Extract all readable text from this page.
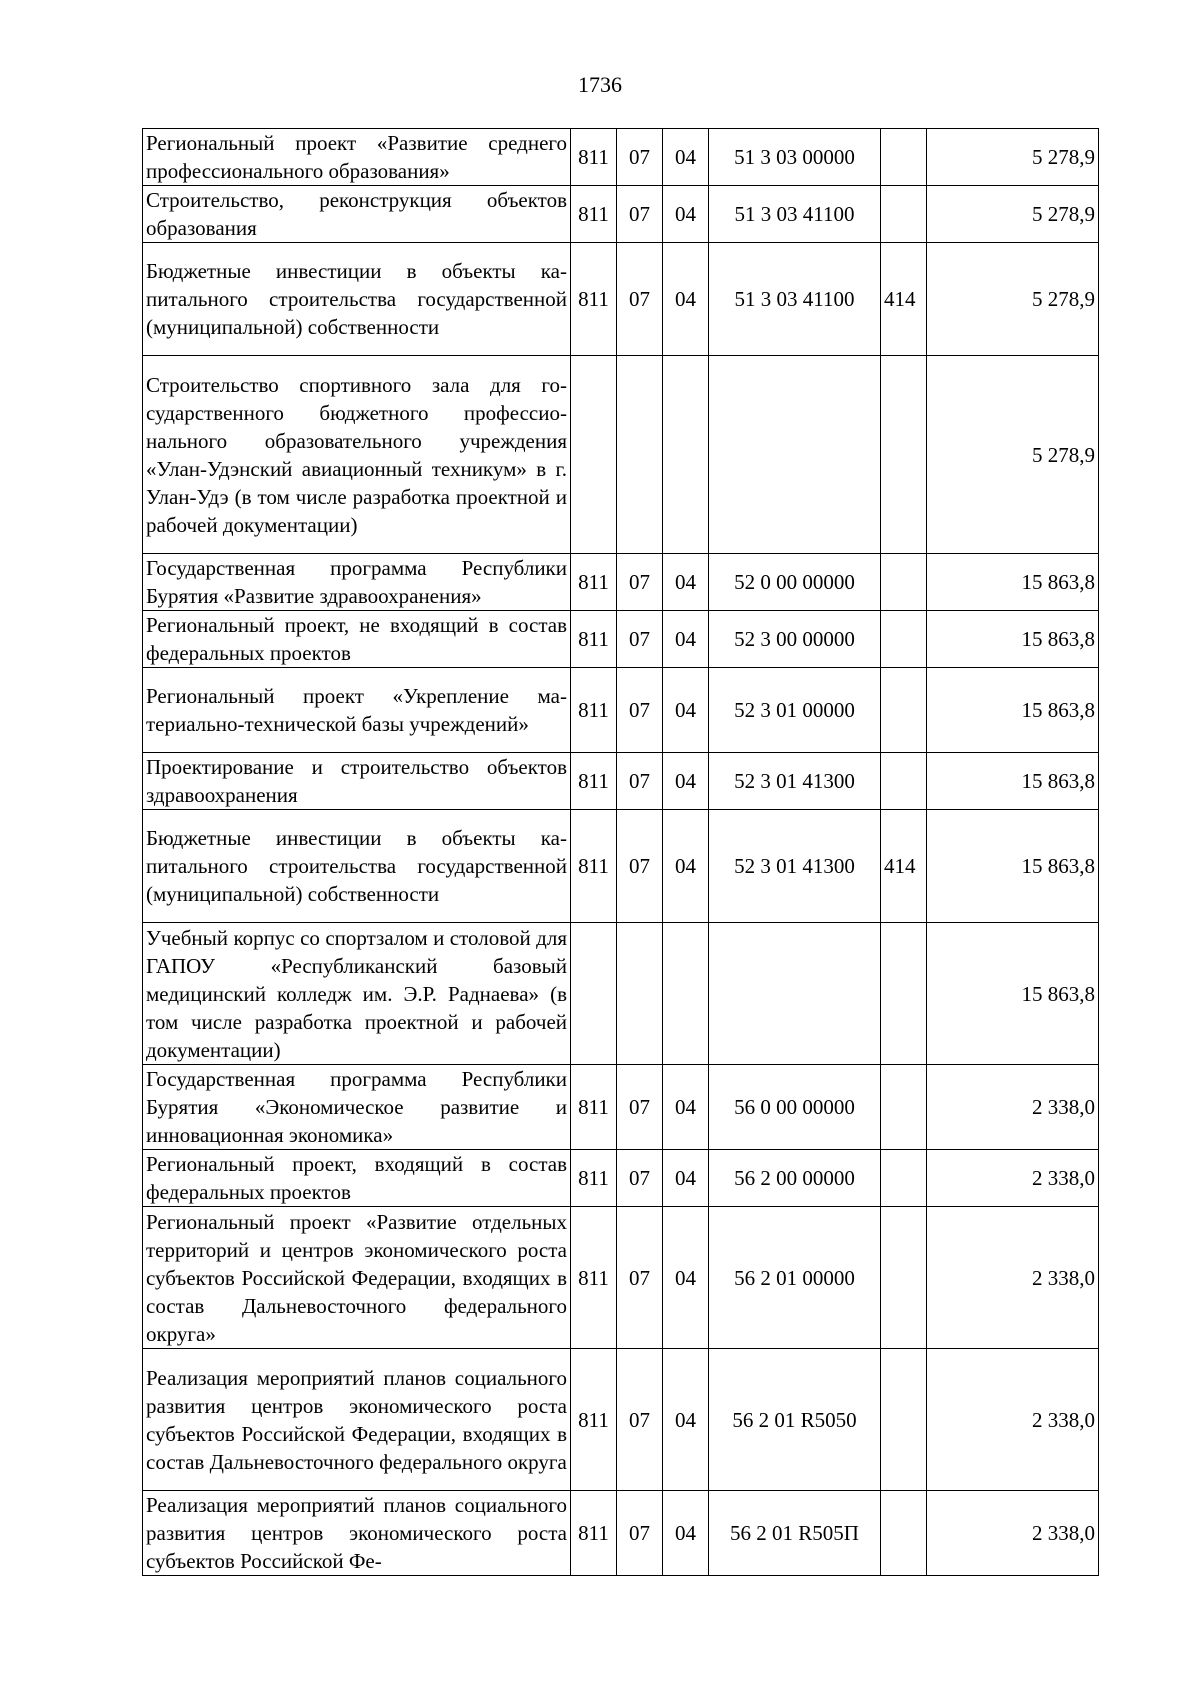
1736
Региональный проект «Развитие среднего профессионального образования»	811	07	04	51 3 03 00000		5 278,9
Строительство, реконструкция объектов образования	811	07	04	51 3 03 41100		5 278,9
Бюджетные инвестиции в объекты капитального строительства государственной (муниципальной) собственности	811	07	04	51 3 03 41100	414	5 278,9
Строительство спортивного зала для государственного бюджетного профессионального образовательного учреждения «Улан-Удэнский авиационный техникум» в г. Улан-Удэ (в том числе разработка проектной и рабочей документации)						5 278,9
Государственная программа Республики Бурятия «Развитие здравоохранения»	811	07	04	52 0 00 00000		15 863,8
Региональный проект, не входящий в состав федеральных проектов	811	07	04	52 3 00 00000		15 863,8
Региональный проект «Укрепление материально-технической базы учреждений»	811	07	04	52 3 01 00000		15 863,8
Проектирование и строительство объектов здравоохранения	811	07	04	52 3 01 41300		15 863,8
Бюджетные инвестиции в объекты капитального строительства государственной (муниципальной) собственности	811	07	04	52 3 01 41300	414	15 863,8
Учебный корпус со спортзалом и столовой для ГАПОУ «Республиканский базовый медицинский колледж им. Э.Р. Раднаева» (в том числе разработка проектной и рабочей документации)						15 863,8
Государственная программа Республики Бурятия «Экономическое развитие и инновационная экономика»	811	07	04	56 0 00 00000		2 338,0
Региональный проект, входящий в состав федеральных проектов	811	07	04	56 2 00 00000		2 338,0
Региональный проект «Развитие отдельных территорий и центров экономического роста субъектов Российской Федерации, входящих в состав Дальневосточного федерального округа»	811	07	04	56 2 01 00000		2 338,0
Реализация мероприятий планов социального развития центров экономического роста субъектов Российской Федерации, входящих в состав Дальневосточного федерального округа	811	07	04	56 2 01 R5050		2 338,0
Реализация мероприятий планов социального развития центров экономического роста субъектов Российской Фе-	811	07	04	56 2 01 R505П		2 338,0
